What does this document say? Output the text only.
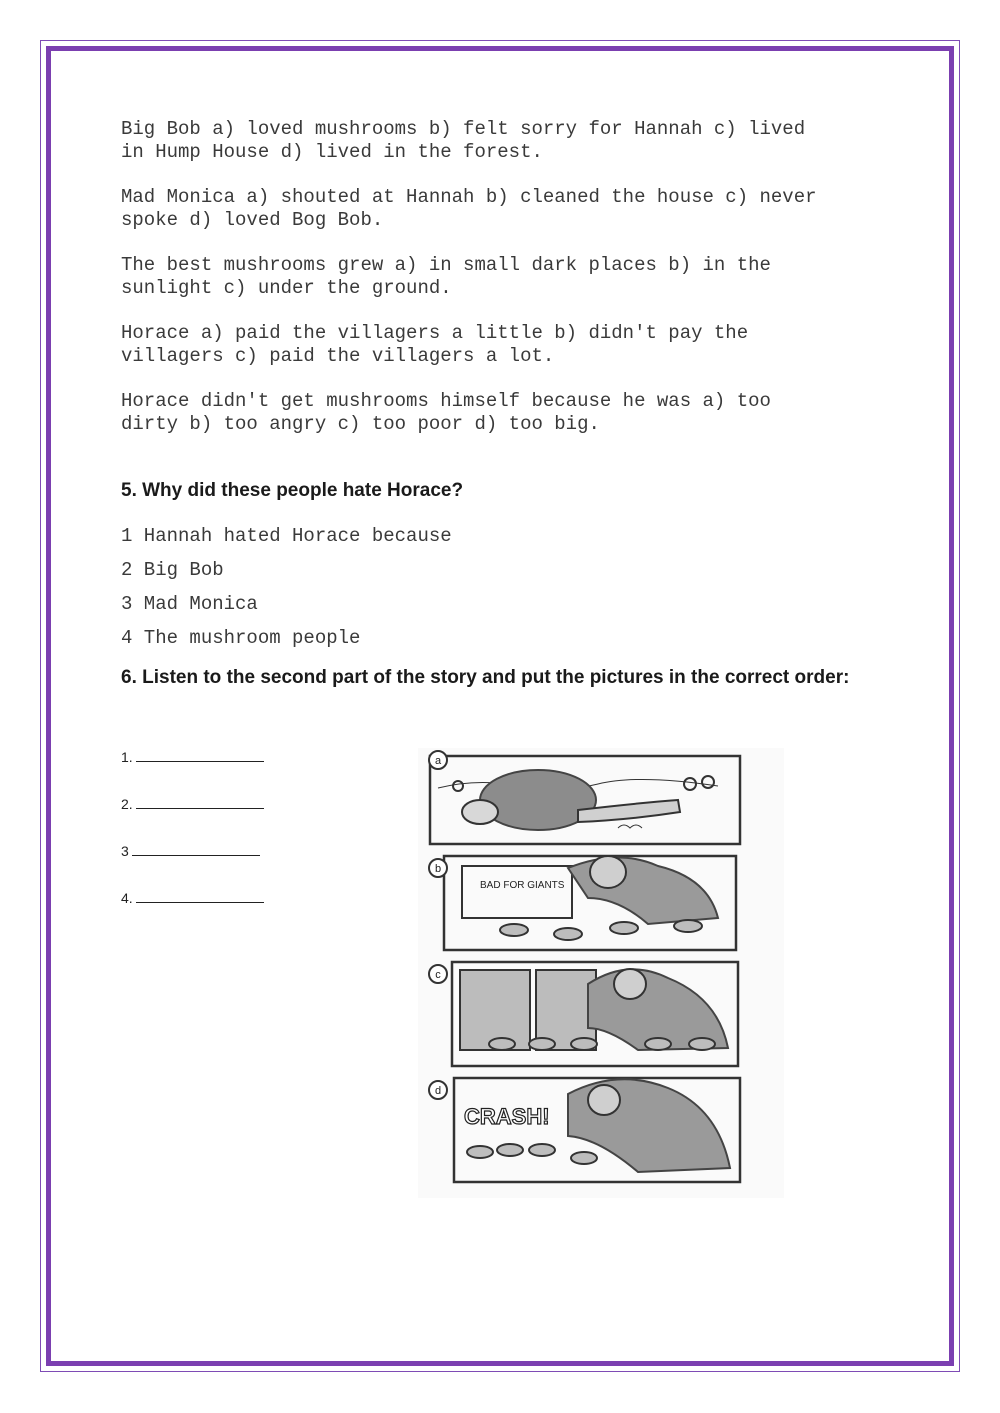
Big Bob a) loved mushrooms b) felt sorry for Hannah c) lived
in Hump House d) lived in the forest.

Mad Monica a) shouted at Hannah b) cleaned the house c) never
spoke d) loved Bog Bob.

The best mushrooms grew a) in small dark places b) in the
sunlight c) under the ground.

Horace a) paid the villagers a little b) didn't pay the
villagers c) paid the villagers a lot.

Horace didn't get mushrooms himself because he was a) too
dirty b) too angry c) too poor d) too big.

5. Why did these people hate Horace?
1 Hannah hated Horace because
2 Big Bob
3 Mad Monica
4 The mushroom people
6. Listen to the second part of the story and put the pictures in the correct order:
1.
2.
3
4.
a
b
BAD FOR GIANTS
c
d
CRASH!
